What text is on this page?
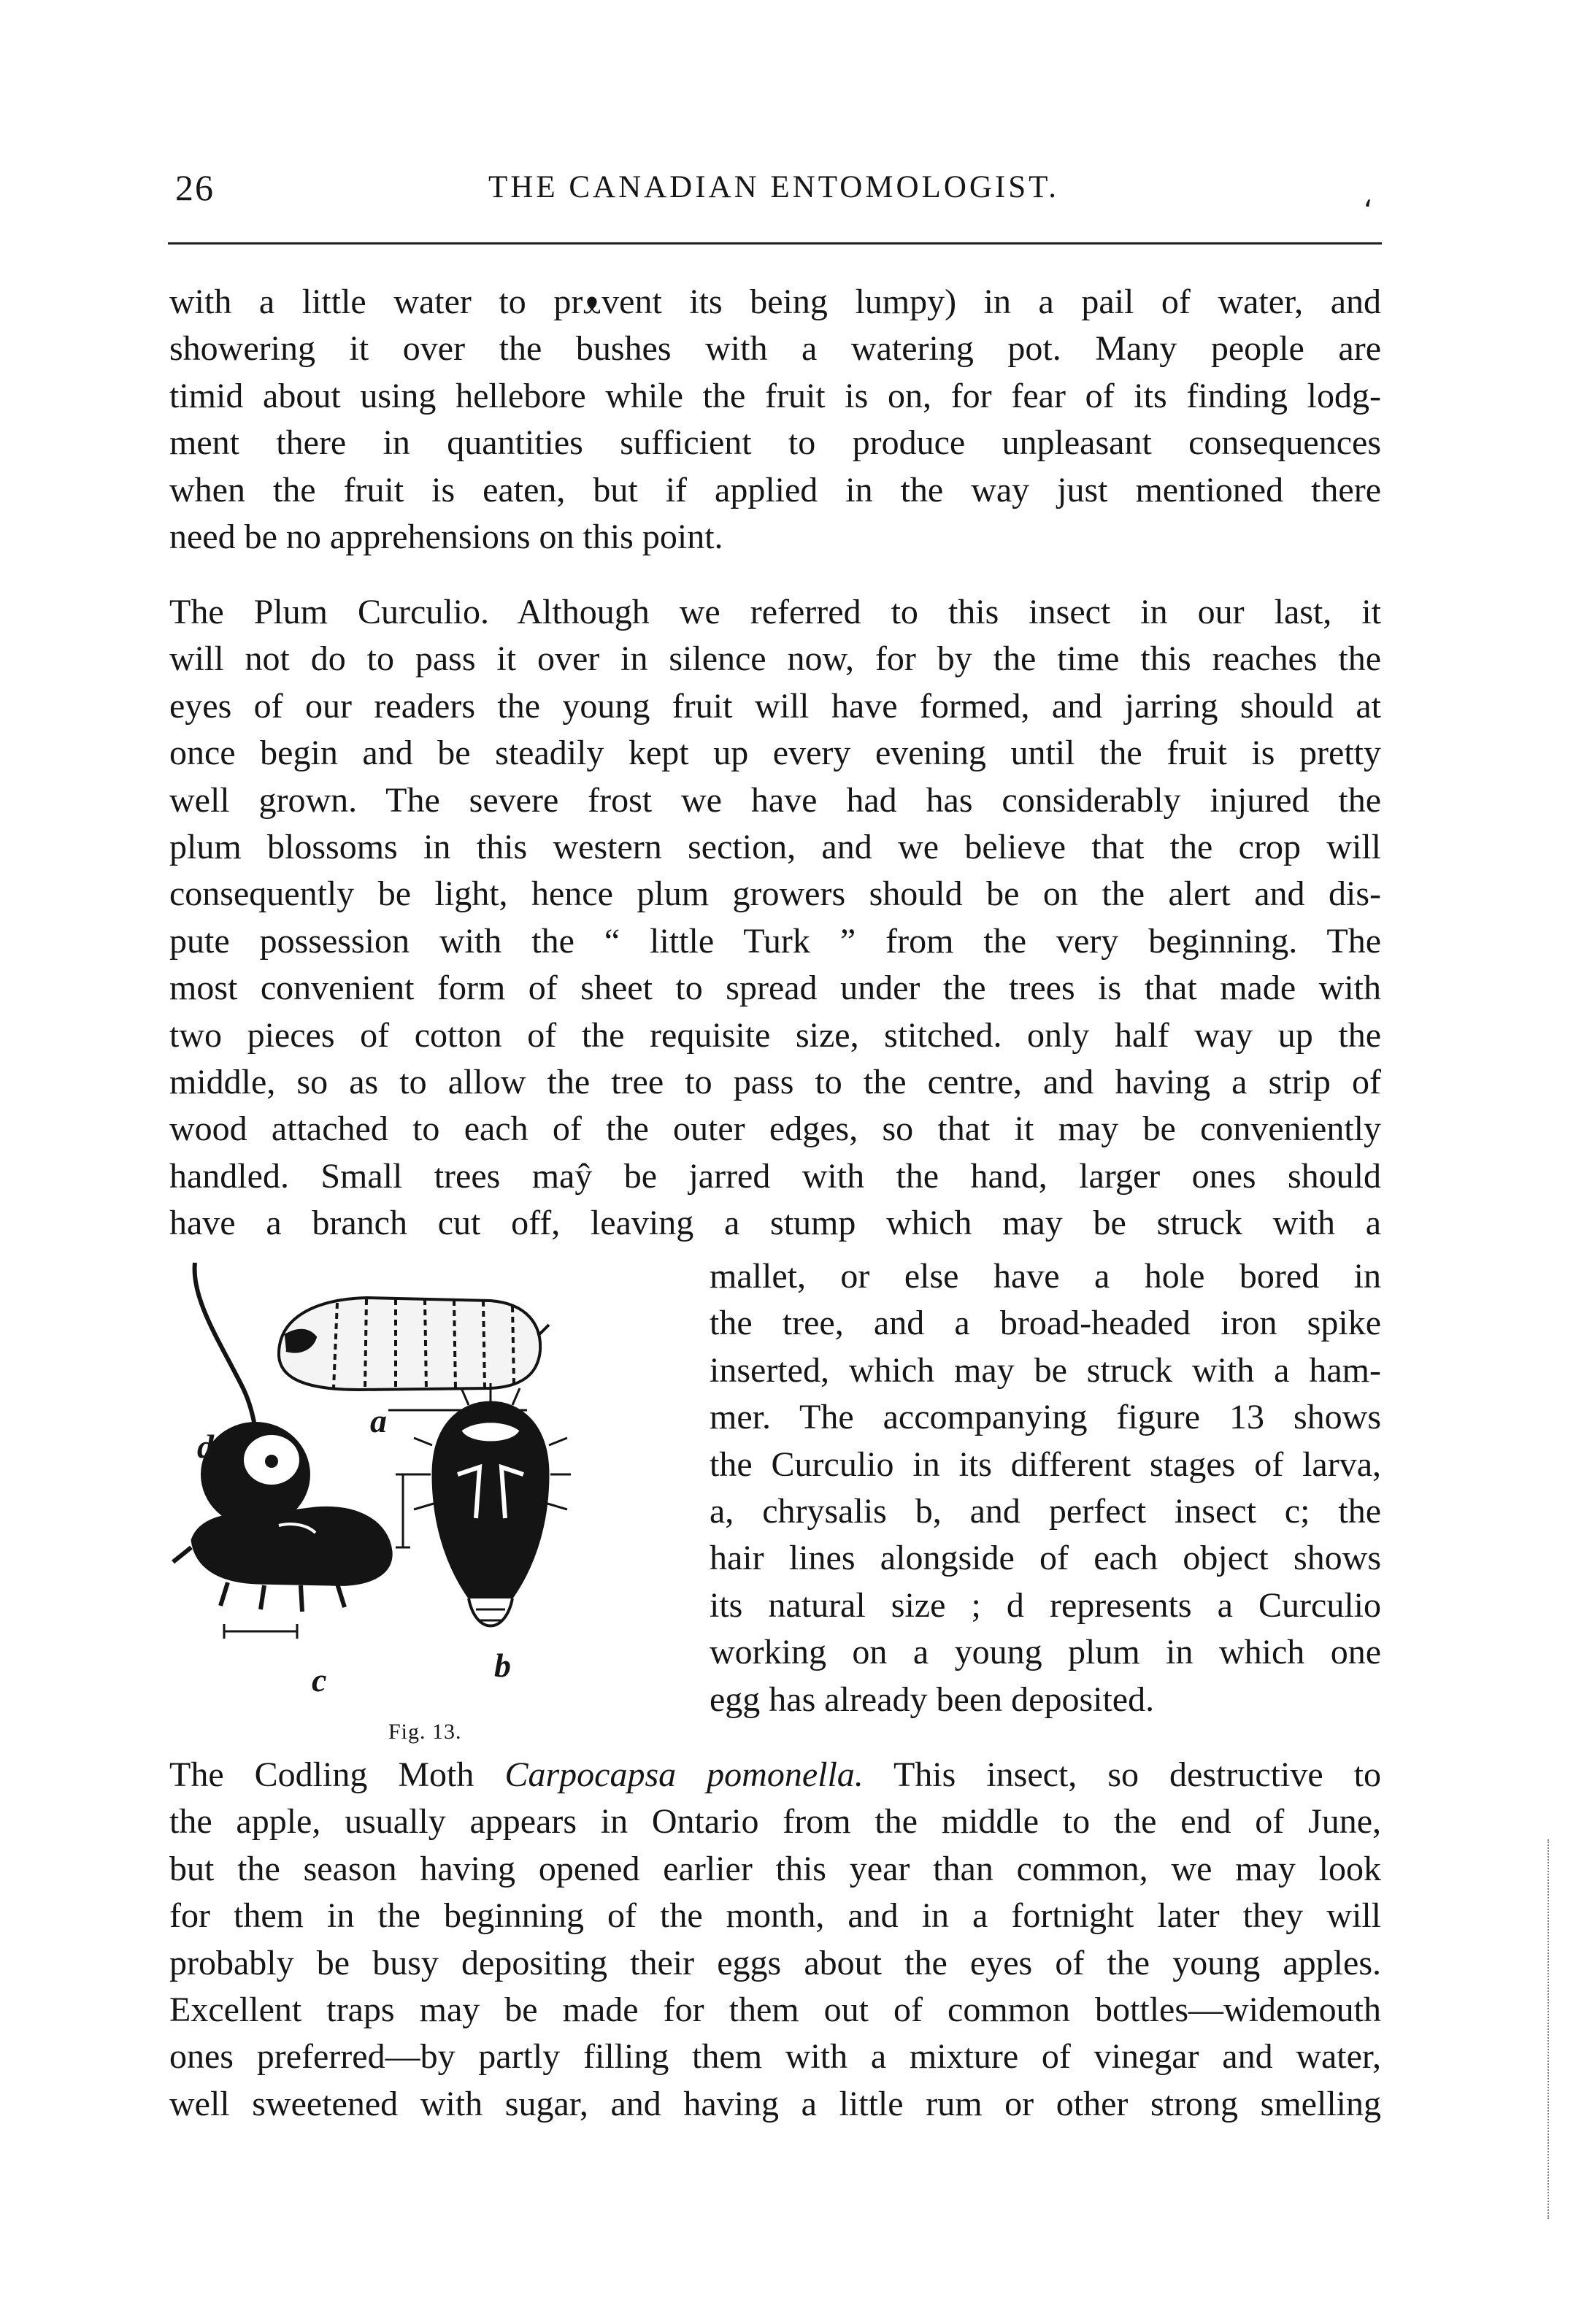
26	THE CANADIAN ENTOMOLOGIST.	،
with a little water to prᴥvent its being lumpy) in a pail of water, and
showering it over the bushes with a watering pot. Many people are
timid about using hellebore while the fruit is on, for fear of its finding lodg-
ment there in quantities sufficient to produce unpleasant consequences
when the fruit is eaten, but if applied in the way just mentioned there
need be no apprehensions on this point.
The Plum Curculio. Although we referred to this insect in our last, it
will not do to pass it over in silence now, for by the time this reaches the
eyes of our readers the young fruit will have formed, and jarring should at
once begin and be steadily kept up every evening until the fruit is pretty
well grown. The severe frost we have had has considerably injured the
plum blossoms in this western section, and we believe that the crop will
consequently be light, hence plum growers should be on the alert and dis-
pute possession with the “ little Turk ” from the very beginning. The
most convenient form of sheet to spread under the trees is that made with
two pieces of cotton of the requisite size, stitched. only half way up the
middle, so as to allow the tree to pass to the centre, and having a strip of
wood attached to each of the outer edges, so that it may be conveniently
handled. Small trees maŷ be jarred with the hand, larger ones should
have a branch cut off, leaving a stump which may be struck with a
mallet, or else have a hole bored in
the tree, and a broad-headed iron spike
inserted, which may be struck with a ham-
mer. The accompanying figure 13 shows
the Curculio in its different stages of larva,
a, chrysalis b, and perfect insect c; the
hair lines alongside of each object shows
its natural size ; d represents a Curculio
working on a young plum in which one
egg has already been deposited.
a
d
c	b
Fig. 13.
The Codling Moth Carpocapsa pomonella. This insect, so destructive to
the apple, usually appears in Ontario from the middle to the end of June,
but the season having opened earlier this year than common, we may look
for them in the beginning of the month, and in a fortnight later they will
probably be busy depositing their eggs about the eyes of the young apples.
Excellent traps may be made for them out of common bottles—widemouth
ones preferred—by partly filling them with a mixture of vinegar and water,
well sweetened with sugar, and having a little rum or other strong smelling
